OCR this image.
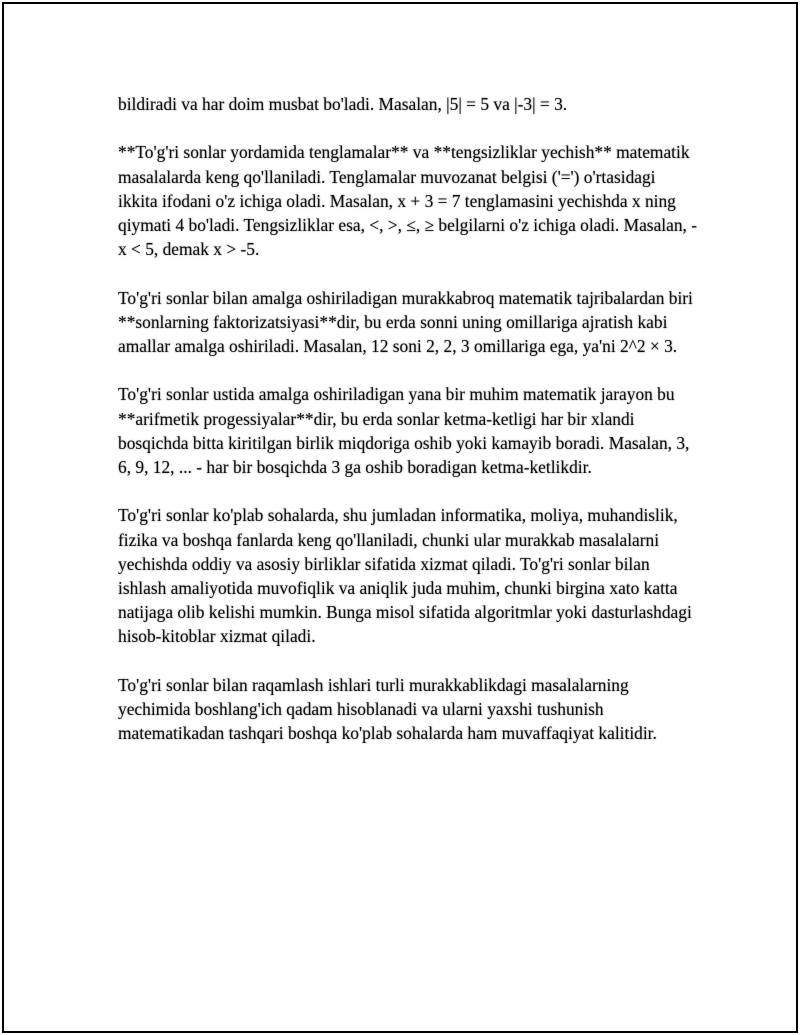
bildiradi va har doim musbat bo'ladi. Masalan, |5| = 5 va |-3| = 3.

**To'g'ri sonlar yordamida tenglamalar** va **tengsizliklar yechish** matematik masalalarda keng qo'llaniladi. Tenglamalar muvozanat belgisi ('=') o'rtasidagi ikkita ifodani o'z ichiga oladi. Masalan, x + 3 = 7 tenglamasini yechishda x ning qiymati 4 bo'ladi. Tengsizliklar esa, <, >, ≤, ≥ belgilarni o'z ichiga oladi. Masalan, -x < 5, demak x > -5.

To'g'ri sonlar bilan amalga oshiriladigan murakkabroq matematik tajribalardan biri **sonlarning faktorizatsiyasi**dir, bu erda sonni uning omillariga ajratish kabi amallar amalga oshiriladi. Masalan, 12 soni 2, 2, 3 omillariga ega, ya'ni 2^2 × 3.

To'g'ri sonlar ustida amalga oshiriladigan yana bir muhim matematik jarayon bu **arifmetik progessiyalar**dir, bu erda sonlar ketma-ketligi har bir xlandi bosqichda bitta kiritilgan birlik miqdoriga oshib yoki kamayib boradi. Masalan, 3, 6, 9, 12, ... - har bir bosqichda 3 ga oshib boradigan ketma-ketlikdir.

To'g'ri sonlar ko'plab sohalarda, shu jumladan informatika, moliya, muhandislik, fizika va boshqa fanlarda keng qo'llaniladi, chunki ular murakkab masalalarni yechishda oddiy va asosiy birliklar sifatida xizmat qiladi. To'g'ri sonlar bilan ishlash amaliyotida muvofiqlik va aniqlik juda muhim, chunki birgina xato katta natijaga olib kelishi mumkin. Bunga misol sifatida algoritmlar yoki dasturlashdagi hisob-kitoblar xizmat qiladi.

To'g'ri sonlar bilan raqamlash ishlari turli murakkablikdagi masalalarning yechimida boshlang'ich qadam hisoblanadi va ularni yaxshi tushunish matematikadan tashqari boshqa ko'plab sohalarda ham muvaffaqiyat kalitidir.
